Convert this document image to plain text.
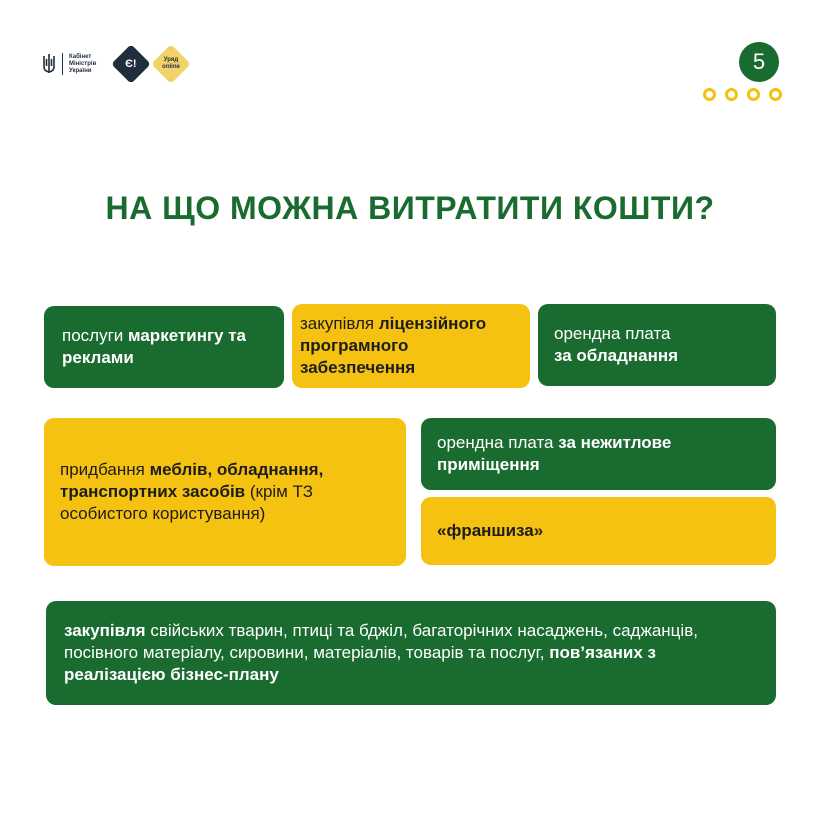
Кабінет Міністрів України
Є!	Уряд online	5
НА ЩО МОЖНА ВИТРАТИТИ КОШТИ?
послуги маркетингу та реклами
закупівля ліцензійного програмного забезпечення
орендна плата
за обладнання
придбання меблів, обладнання, транспортних засобів (крім ТЗ особистого користування)
орендна плата за нежитлове приміщення
«франшиза»
закупівля свійських тварин, птиці та бджіл, багаторічних насаджень, саджанців, посівного матеріалу, сировини, матеріалів, товарів та послуг, пов’язаних з реалізацією бізнес-плану
